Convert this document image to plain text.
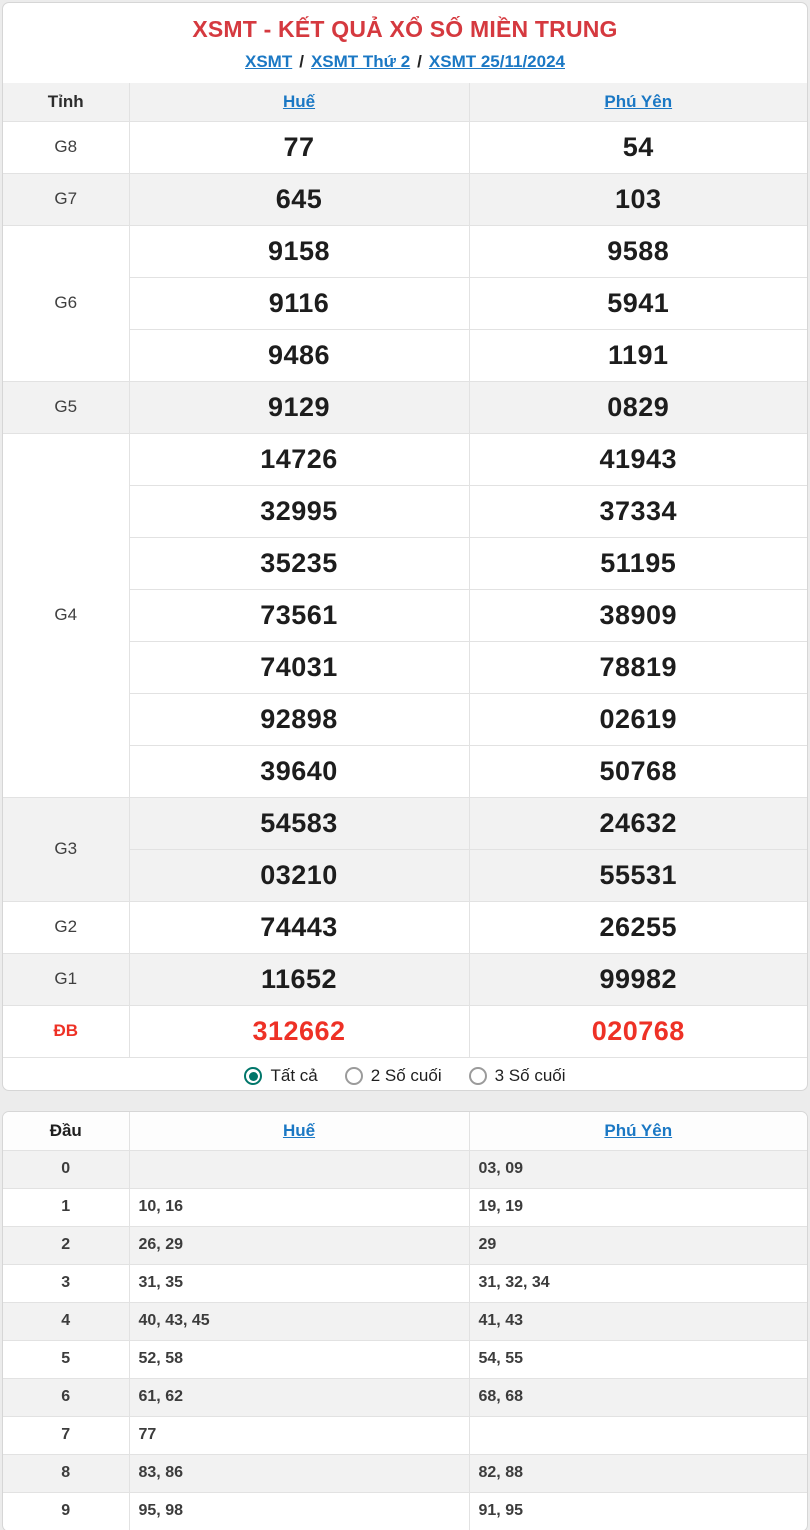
XSMT - KẾT QUẢ XỔ SỐ MIỀN TRUNG
XSMT / XSMT Thứ 2 / XSMT 25/11/2024
Tỉnh	Huế	Phú Yên
G8	77	54
G7	645	103
G6	9158	9588
	9116	5941
	9486	1191
G5	9129	0829
G4	14726	41943
	32995	37334
	35235	51195
	73561	38909
	74031	78819
	92898	02619
	39640	50768
G3	54583	24632
	03210	55531
G2	74443	26255
G1	11652	99982
ĐB	312662	020768
Tất cả	2 Số cuối	3 Số cuối
Đầu	Huế	Phú Yên
0		03, 09
1	10, 16	19, 19
2	26, 29	29
3	31, 35	31, 32, 34
4	40, 43, 45	41, 43
5	52, 58	54, 55
6	61, 62	68, 68
7	77	
8	83, 86	82, 88
9	95, 98	91, 95
